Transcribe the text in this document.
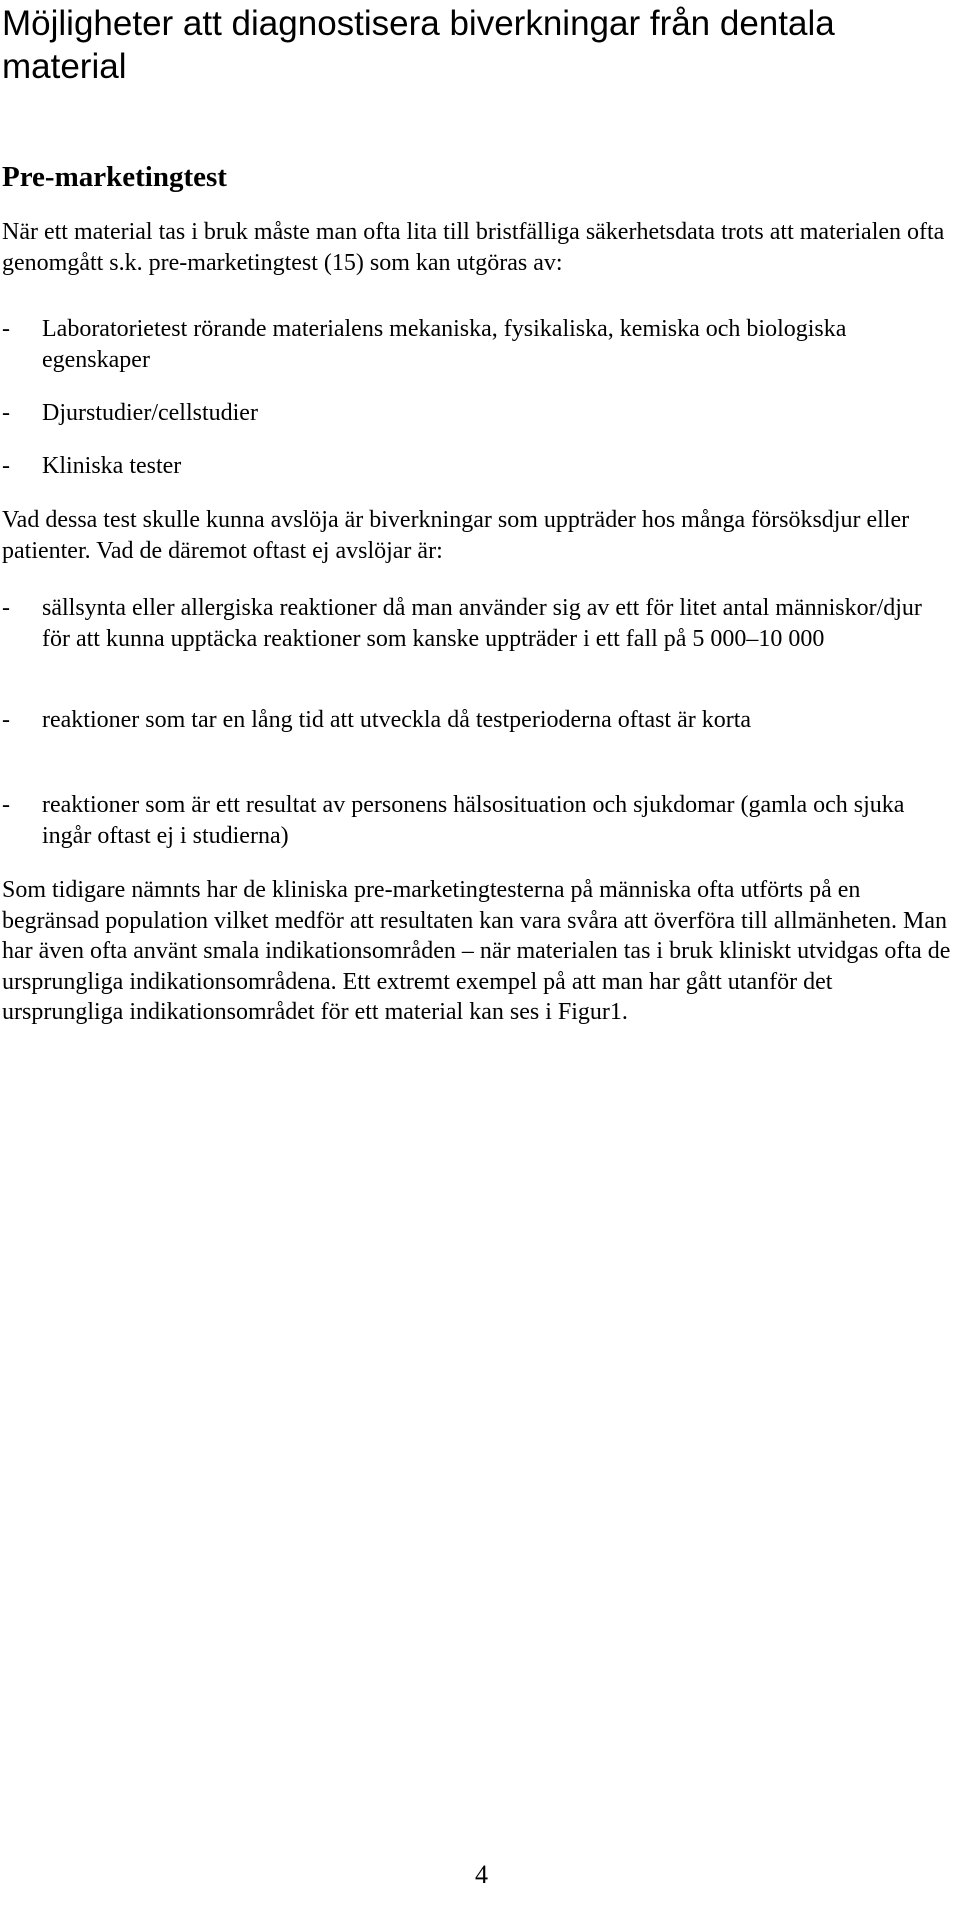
Möjligheter att diagnostisera biverkningar från dentala material
Pre-marketingtest

När ett material tas i bruk måste man ofta lita till bristfälliga säkerhetsdata trots att materialen ofta genomgått s.k. pre-marketingtest (15) som kan utgöras av:

- Laboratorietest rörande materialens mekaniska, fysikaliska, kemiska och biologiska egenskaper
- Djurstudier/cellstudier
- Kliniska tester

Vad dessa test skulle kunna avslöja är biverkningar som uppträder hos många försöksdjur eller patienter. Vad de däremot oftast ej avslöjar är:

- sällsynta eller allergiska reaktioner då man använder sig av ett för litet antal människor/djur för att kunna upptäcka reaktioner som kanske uppträder i ett fall på 5 000–10 000
- reaktioner som tar en lång tid att utveckla då testperioderna oftast är korta
- reaktioner som är ett resultat av personens hälsosituation och sjukdomar (gamla och sjuka ingår oftast ej i studierna)

Som tidigare nämnts har de kliniska pre-marketingtesterna på människa ofta utförts på en begränsad population vilket medför att resultaten kan vara svåra att överföra till allmänheten. Man har även ofta använt smala indikationsområden – när materialen tas i bruk kliniskt utvidgas ofta de ursprungliga indikationsområdena. Ett extremt exempel på att man har gått utanför det ursprungliga indikationsområdet för ett material kan ses i Figur1.

4
